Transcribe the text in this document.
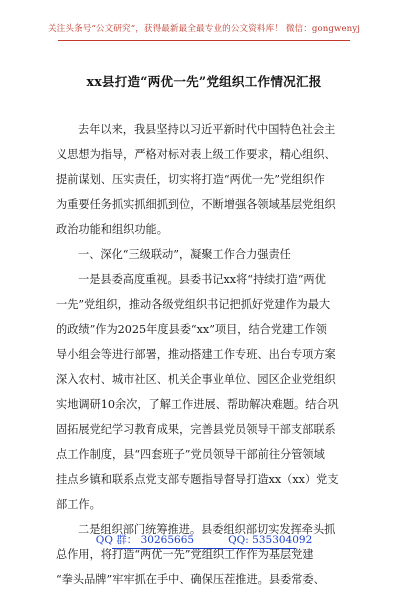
关注头条号“公文研究”，获得最新最全最专业的公文资料库！ 微信：gongwenyj
xx县打造“两优一先”党组织工作情况汇报

去年以来，我县坚持以习近平新时代中国特色社会主

义思想为指导，严格对标对表上级工作要求，精心组织、

提前谋划、压实责任，切实将打造“两优一先”党组织作

为重要任务抓实抓细抓到位，不断增强各领域基层党组织

政治功能和组织功能。

一、深化“三级联动”，凝聚工作合力强责任

一是县委高度重视。县委书记xx将“持续打造“两优

一先”党组织，推动各级党组织书记把抓好党建作为最大

的政绩”作为2025年度县委“xx”项目，结合党建工作领

导小组会等进行部署，推动搭建工作专班、出台专项方案

深入农村、城市社区、机关企事业单位、园区企业党组织

实地调研10余次，了解工作进展、帮助解决难题。结合巩

固拓展党纪学习教育成果，完善县党员领导干部支部联系

点工作制度，县“四套班子”党员领导干部前往分管领域

挂点乡镇和联系点党支部专题指导督导打造xx（xx）党支

部工作。

二是组织部门统筹推进。县委组织部切实发挥牵头抓

总作用，将打造“两优一先”党组织工作作为基层党建

“拳头品牌”牢牢抓在手中、确保压茬推进。县委常委、

QQ 群： 30265665	QQ: 535304092
